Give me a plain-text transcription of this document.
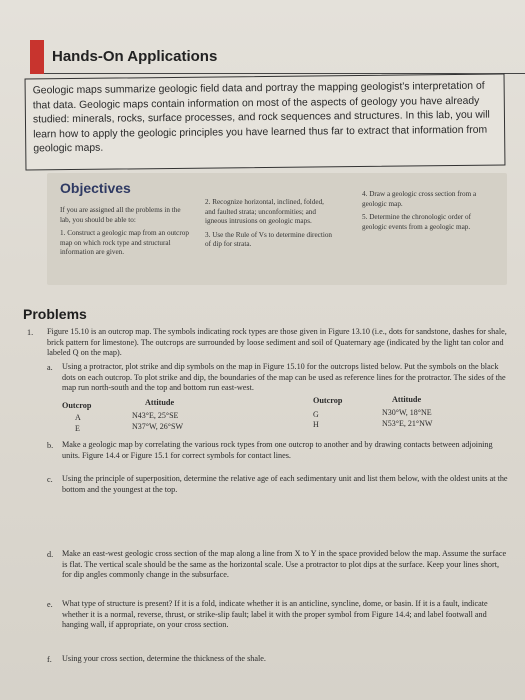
Hands-On Applications
Geologic maps summarize geologic field data and portray the mapping geologist's interpretation of that data. Geologic maps contain information on most of the aspects of geology you have already studied: minerals, rocks, surface processes, and rock sequences and structures. In this lab, you will learn how to apply the geologic principles you have learned thus far to extract that information from geologic maps.
Objectives
If you are assigned all the problems in the lab, you should be able to:
1. Construct a geologic map from an outcrop map on which rock type and structural information are given.
2. Recognize horizontal, inclined, folded, and faulted strata; unconformities; and igneous intrusions on geologic maps.
3. Use the Rule of Vs to determine direction of dip for strata.
4. Draw a geologic cross section from a geologic map.
5. Determine the chronologic order of geologic events from a geologic map.
Problems
1. Figure 15.10 is an outcrop map. The symbols indicating rock types are those given in Figure 13.10 (i.e., dots for sandstone, dashes for shale, brick pattern for limestone). The outcrops are surrounded by loose sediment and soil of Quaternary age (indicated by the light tan color and labeled Q on the map).
a. Using a protractor, plot strike and dip symbols on the map in Figure 15.10 for the outcrops listed below. Put the symbols on the black dots on each outcrop. To plot strike and dip, the boundaries of the map can be used as reference lines for the protractor. The sides of the map run north-south and the top and bottom run east-west.
Outcrop	Attitude	Outcrop	Attitude
A	N43°E, 25°SE	G	N30°W, 18°NE
E	N37°W, 26°SW	H	N53°E, 21°NW
b. Make a geologic map by correlating the various rock types from one outcrop to another and by drawing contacts between adjoining units. Figure 14.4 or Figure 15.1 for correct symbols for contact lines.
c. Using the principle of superposition, determine the relative age of each sedimentary unit and list them below, with the oldest units at the bottom and the youngest at the top.
d. Make an east-west geologic cross section of the map along a line from X to Y in the space provided below the map. Assume the surface is flat. The vertical scale should be the same as the horizontal scale. Use a protractor to plot dips at the surface. Keep your lines short, for dip angles commonly change in the subsurface.
e. What type of structure is present? If it is a fold, indicate whether it is an anticline, syncline, dome, or basin. If it is a fault, indicate whether it is a normal, reverse, thrust, or strike-slip fault; label it with the proper symbol from Figure 14.4; and label footwall and hanging wall, if appropriate, on your cross section.
f. Using your cross section, determine the thickness of the shale.
